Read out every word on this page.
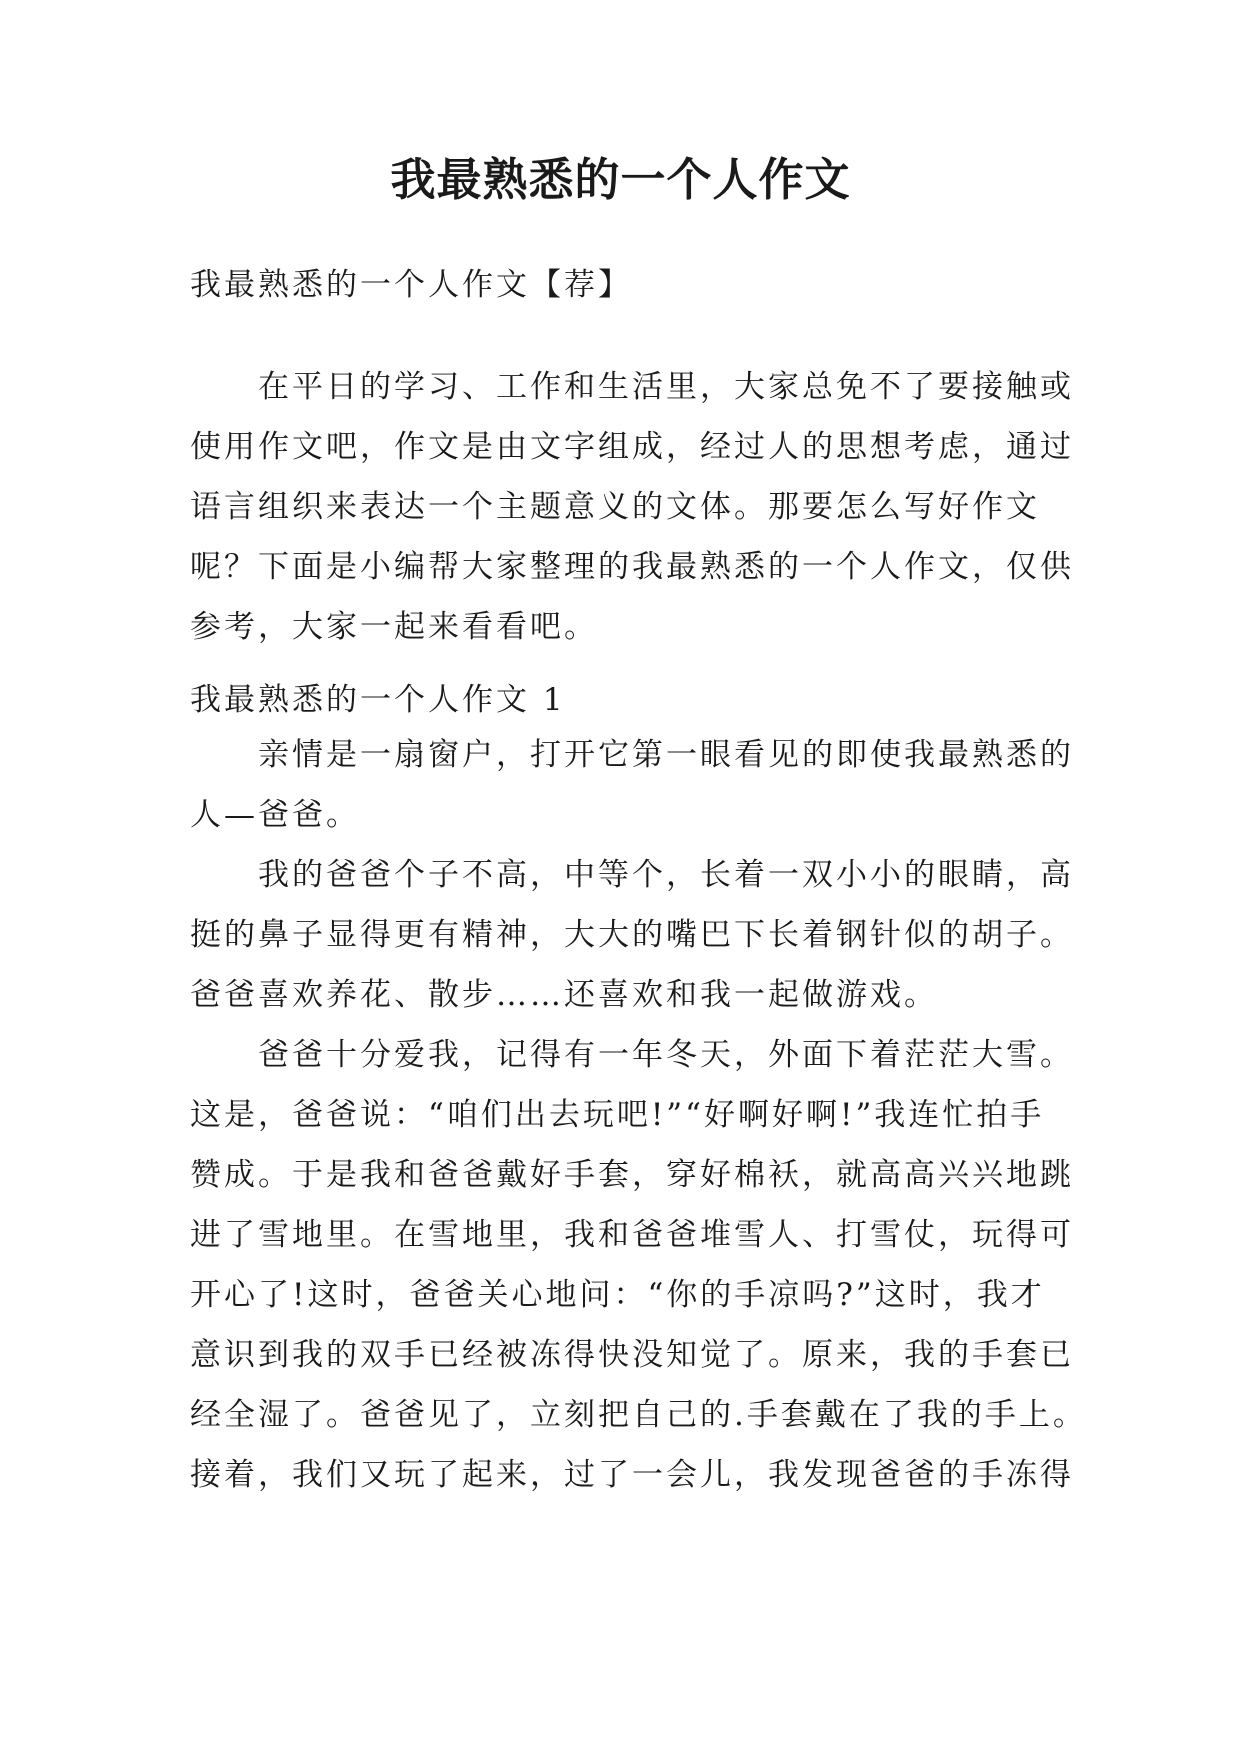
我最熟悉的一个人作文

我最熟悉的一个人作文【荐】

在平日的学习、工作和生活里，大家总免不了要接触或
使用作文吧，作文是由文字组成，经过人的思想考虑，通过
语言组织来表达一个主题意义的文体。那要怎么写好作文
呢？下面是小编帮大家整理的我最熟悉的一个人作文，仅供
参考，大家一起来看看吧。

我最熟悉的一个人作文 1

亲情是一扇窗户，打开它第一眼看见的即使我最熟悉的
人—爸爸。
我的爸爸个子不高，中等个，长着一双小小的眼睛，高
挺的鼻子显得更有精神，大大的嘴巴下长着钢针似的胡子。
爸爸喜欢养花、散步……还喜欢和我一起做游戏。
爸爸十分爱我，记得有一年冬天，外面下着茫茫大雪。
这是，爸爸说：“咱们出去玩吧!”“好啊好啊!”我连忙拍手
赞成。于是我和爸爸戴好手套，穿好棉袄，就高高兴兴地跳
进了雪地里。在雪地里，我和爸爸堆雪人、打雪仗，玩得可
开心了!这时，爸爸关心地问：“你的手凉吗?”这时，我才
意识到我的双手已经被冻得快没知觉了。原来，我的手套已
经全湿了。爸爸见了，立刻把自己的.手套戴在了我的手上。
接着，我们又玩了起来，过了一会儿，我发现爸爸的手冻得
